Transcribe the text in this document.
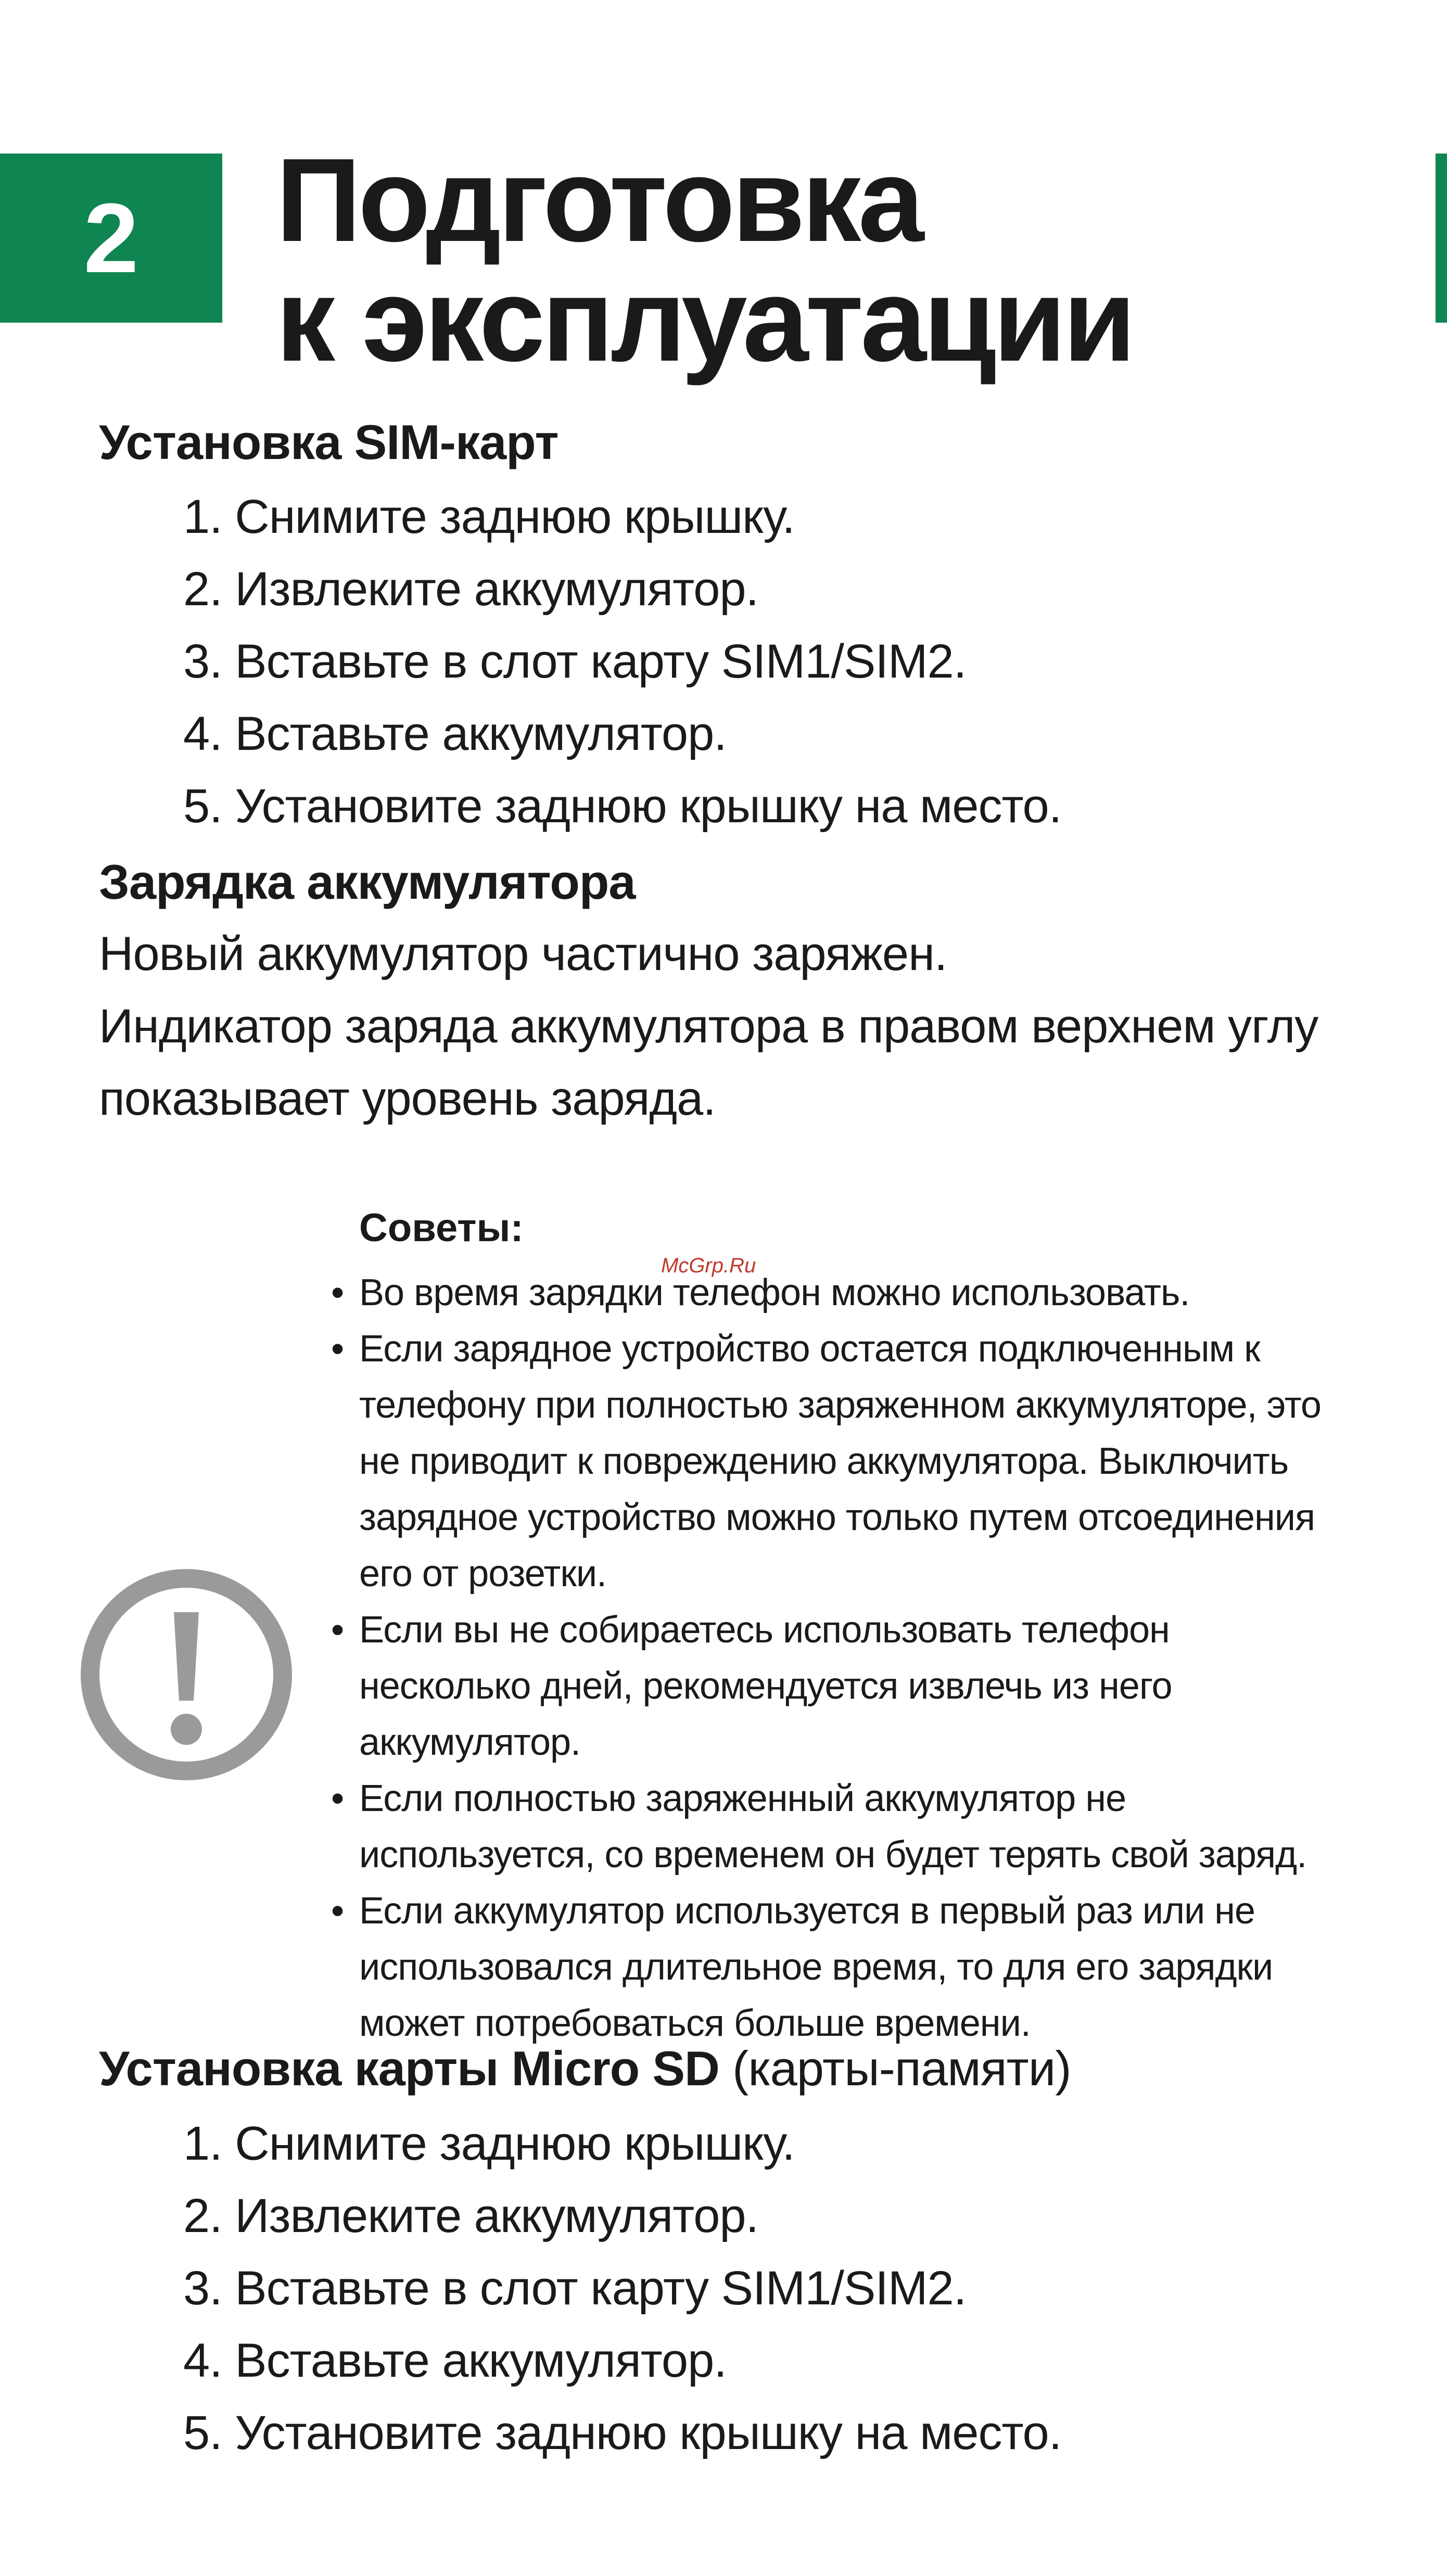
2 Подготовка
к эксплуатации
Установка SIM-карт
1. Снимите заднюю крышку.
2. Извлеките аккумулятор.
3. Вставьте в слот карту SIM1/SIM2.
4. Вставьте аккумулятор.
5. Установите заднюю крышку на место.
Зарядка аккумулятора

Новый аккумулятор частично заряжен.

Индикатор заряда аккумулятора в правом верхнем углу

показывает уровень заряда.

Советы:
McGrp.Ru
• Во время зарядки телефон можно использовать.
• Если зарядное устройство остается подключенным к телефону при полностью заряженном аккумуляторе, это не приводит к повреждению аккумулятора. Выключить зарядное устройство можно только путем отсоединения его от розетки.
• Если вы не собираетесь использовать телефон несколько дней, рекомендуется извлечь из него аккумулятор.
• Если полностью заряженный аккумулятор не используется, со временем он будет терять свой заряд.
• Если аккумулятор используется в первый раз или не использовался длительное время, то для его зарядки может потребоваться больше времени.
Установка карты Micro SD (карты-памяти)
1. Снимите заднюю крышку.
2. Извлеките аккумулятор.
3. Вставьте в слот карту SIM1/SIM2.
4. Вставьте аккумулятор.
5. Установите заднюю крышку на место.
